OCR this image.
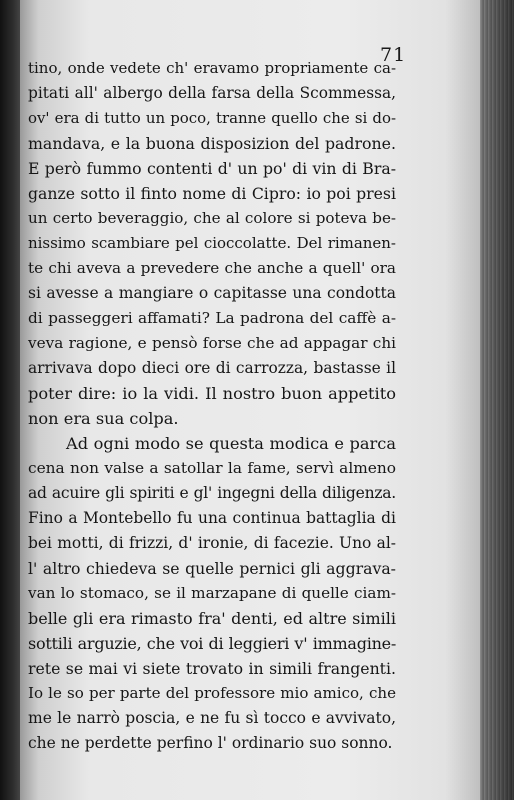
71
tino, onde vedete ch' eravamo propriamente ca-
pitati all' albergo della farsa della Scommessa,
ov' era di tutto un poco, tranne quello che si do-
mandava, e la buona disposizion del padrone.
E però fummo contenti d' un po' di vin di Bra-
ganze sotto il finto nome di Cipro: io poi presi
un certo beveraggio, che al colore si poteva be-
nissimo scambiare pel cioccolatte. Del rimanen-
te chi aveva a prevedere che anche a quell' ora
si avesse a mangiare o capitasse una condotta
di passeggeri affamati? La padrona del caffè a-
veva ragione, e pensò forse che ad appagar chi
arrivava dopo dieci ore di carrozza, bastasse il
poter dire: io la vidi. Il nostro buon appetito
non era sua colpa.
Ad ogni modo se questa modica e parca
cena non valse a satollar la fame, servì almeno
ad acuire gli spiriti e gl' ingegni della diligenza.
Fino a Montebello fu una continua battaglia di
bei motti, di frizzi, d' ironie, di facezie. Uno al-
l' altro chiedeva se quelle pernici gli aggrava-
van lo stomaco, se il marzapane di quelle ciam-
belle gli era rimasto fra' denti, ed altre simili
sottili arguzie, che voi di leggieri v' immagine-
rete se mai vi siete trovato in simili frangenti.
Io le so per parte del professore mio amico, che
me le narrò poscia, e ne fu sì tocco e avvivato,
che ne perdette perfino l' ordinario suo sonno.
